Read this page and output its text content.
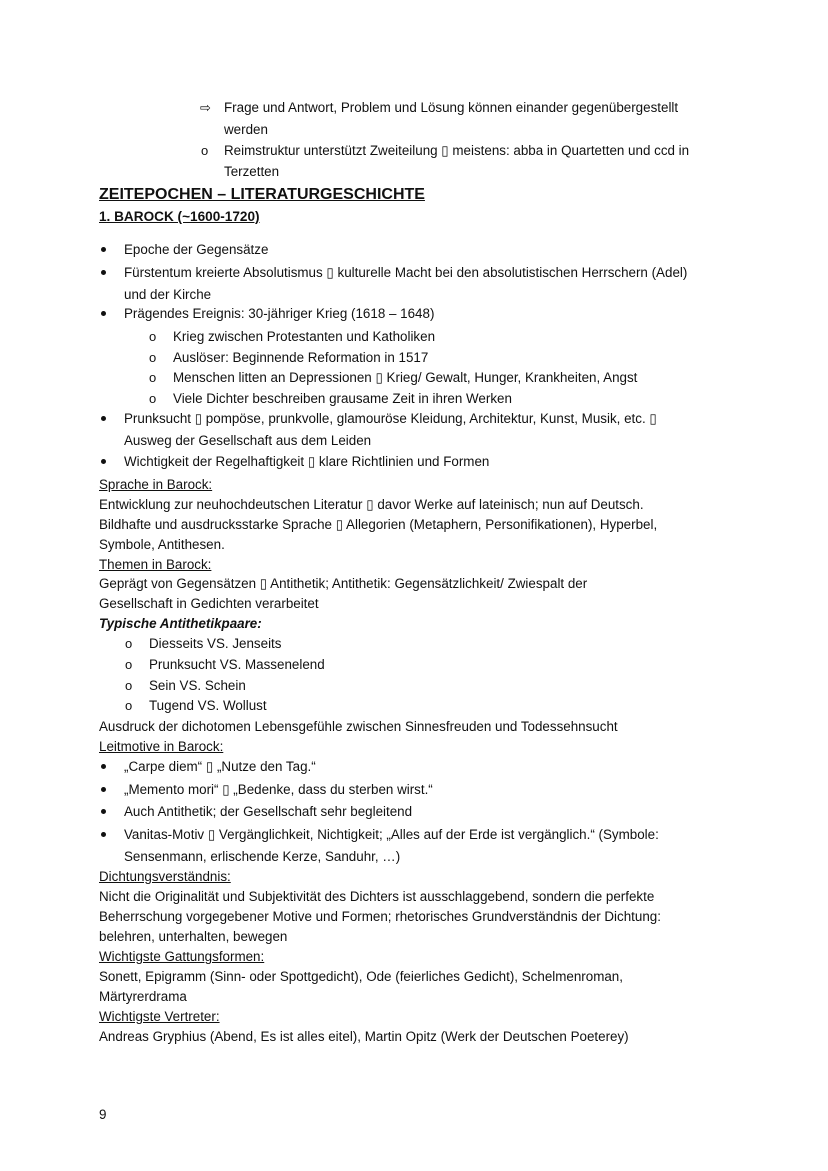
⇨ Frage und Antwort, Problem und Lösung können einander gegenübergestellt
werden
o Reimstruktur unterstützt Zweiteilung ▯ meistens: abba in Quartetten und ccd in
Terzetten
ZEITEPOCHEN – LITERATURGESCHICHTE
1. BAROCK (~1600-1720)
Epoche der Gegensätze
Fürstentum kreierte Absolutismus ▯ kulturelle Macht bei den absolutistischen Herrschern (Adel)
und der Kirche
Prägendes Ereignis: 30-jähriger Krieg (1618 – 1648)
o Krieg zwischen Protestanten und Katholiken
o Auslöser: Beginnende Reformation in 1517
o Menschen litten an Depressionen ▯ Krieg/ Gewalt, Hunger, Krankheiten, Angst
o Viele Dichter beschreiben grausame Zeit in ihren Werken
Prunksucht ▯ pompöse, prunkvolle, glamouröse Kleidung, Architektur, Kunst, Musik, etc. ▯
Ausweg der Gesellschaft aus dem Leiden
Wichtigkeit der Regelhaftigkeit ▯ klare Richtlinien und Formen
Sprache in Barock:
Entwicklung zur neuhochdeutschen Literatur ▯ davor Werke auf lateinisch; nun auf Deutsch.
Bildhafte und ausdrucksstarke Sprache ▯ Allegorien (Metaphern, Personifikationen), Hyperbel,
Symbole, Antithesen.
Themen in Barock:
Geprägt von Gegensätzen ▯ Antithetik; Antithetik: Gegensätzlichkeit/ Zwiespalt der
Gesellschaft in Gedichten verarbeitet
Typische Antithetikpaare:
o Diesseits VS. Jenseits
o Prunksucht VS. Massenelend
o Sein VS. Schein
o Tugend VS. Wollust
Ausdruck der dichotomen Lebensgefühle zwischen Sinnesfreuden und Todessehnsucht
Leitmotive in Barock:
„Carpe diem“ ▯ „Nutze den Tag.“
„Memento mori“ ▯ „Bedenke, dass du sterben wirst.“
Auch Antithetik; der Gesellschaft sehr begleitend
Vanitas-Motiv ▯ Vergänglichkeit, Nichtigkeit; „Alles auf der Erde ist vergänglich.“ (Symbole:
Sensenmann, erlischende Kerze, Sanduhr, …)
Dichtungsverständnis:
Nicht die Originalität und Subjektivität des Dichters ist ausschlaggebend, sondern die perfekte
Beherrschung vorgegebener Motive und Formen; rhetorisches Grundverständnis der Dichtung:
belehren, unterhalten, bewegen
Wichtigste Gattungsformen:
Sonett, Epigramm (Sinn- oder Spottgedicht), Ode (feierliches Gedicht), Schelmenroman,
Märtyrerdrama
Wichtigste Vertreter:
Andreas Gryphius (Abend, Es ist alles eitel), Martin Opitz (Werk der Deutschen Poeterey)
9
